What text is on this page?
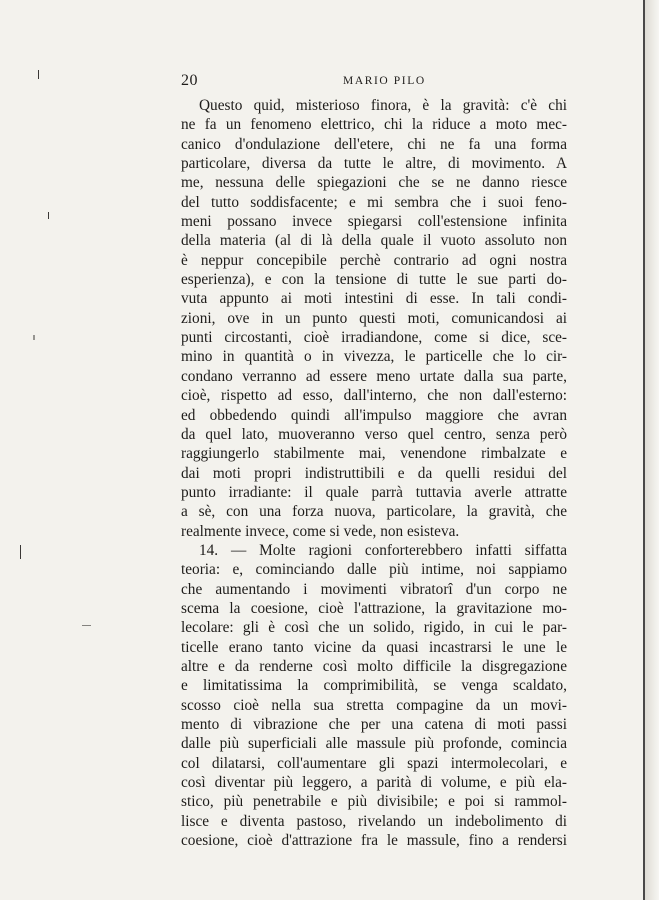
20	MARIO PILO
Questo quid, misterioso finora, è la gravità: c'è chi
ne fa un fenomeno elettrico, chi la riduce a moto mec-
canico d'ondulazione dell'etere, chi ne fa una forma
particolare, diversa da tutte le altre, di movimento. A
me, nessuna delle spiegazioni che se ne danno riesce
del tutto soddisfacente; e mi sembra che i suoi feno-
meni possano invece spiegarsi coll'estensione infinita
della materia (al di là della quale il vuoto assoluto non
è neppur concepibile perchè contrario ad ogni nostra
esperienza), e con la tensione di tutte le sue parti do-
vuta appunto ai moti intestini di esse. In tali condi-
zioni, ove in un punto questi moti, comunicandosi ai
punti circostanti, cioè irradiandone, come si dice, sce-
mino in quantità o in vivezza, le particelle che lo cir-
condano verranno ad essere meno urtate dalla sua parte,
cioè, rispetto ad esso, dall'interno, che non dall'esterno:
ed obbedendo quindi all'impulso maggiore che avran
da quel lato, muoveranno verso quel centro, senza però
raggiungerlo stabilmente mai, venendone rimbalzate e
dai moti propri indistruttibili e da quelli residui del
punto irradiante: il quale parrà tuttavia averle attratte
a sè, con una forza nuova, particolare, la gravità, che
realmente invece, come si vede, non esisteva.
14. — Molte ragioni conforterebbero infatti siffatta
teoria: e, cominciando dalle più intime, noi sappiamo
che aumentando i movimenti vibratorî d'un corpo ne
scema la coesione, cioè l'attrazione, la gravitazione mo-
lecolare: gli è così che un solido, rigido, in cui le par-
ticelle erano tanto vicine da quasi incastrarsi le une le
altre e da renderne così molto difficile la disgregazione
e limitatissima la comprimibilità, se venga scaldato,
scosso cioè nella sua stretta compagine da un movi-
mento di vibrazione che per una catena di moti passi
dalle più superficiali alle massule più profonde, comincia
col dilatarsi, coll'aumentare gli spazi intermolecolari, e
così diventar più leggero, a parità di volume, e più ela-
stico, più penetrabile e più divisibile; e poi si rammol-
lisce e diventa pastoso, rivelando un indebolimento di
coesione, cioè d'attrazione fra le massule, fino a rendersi
